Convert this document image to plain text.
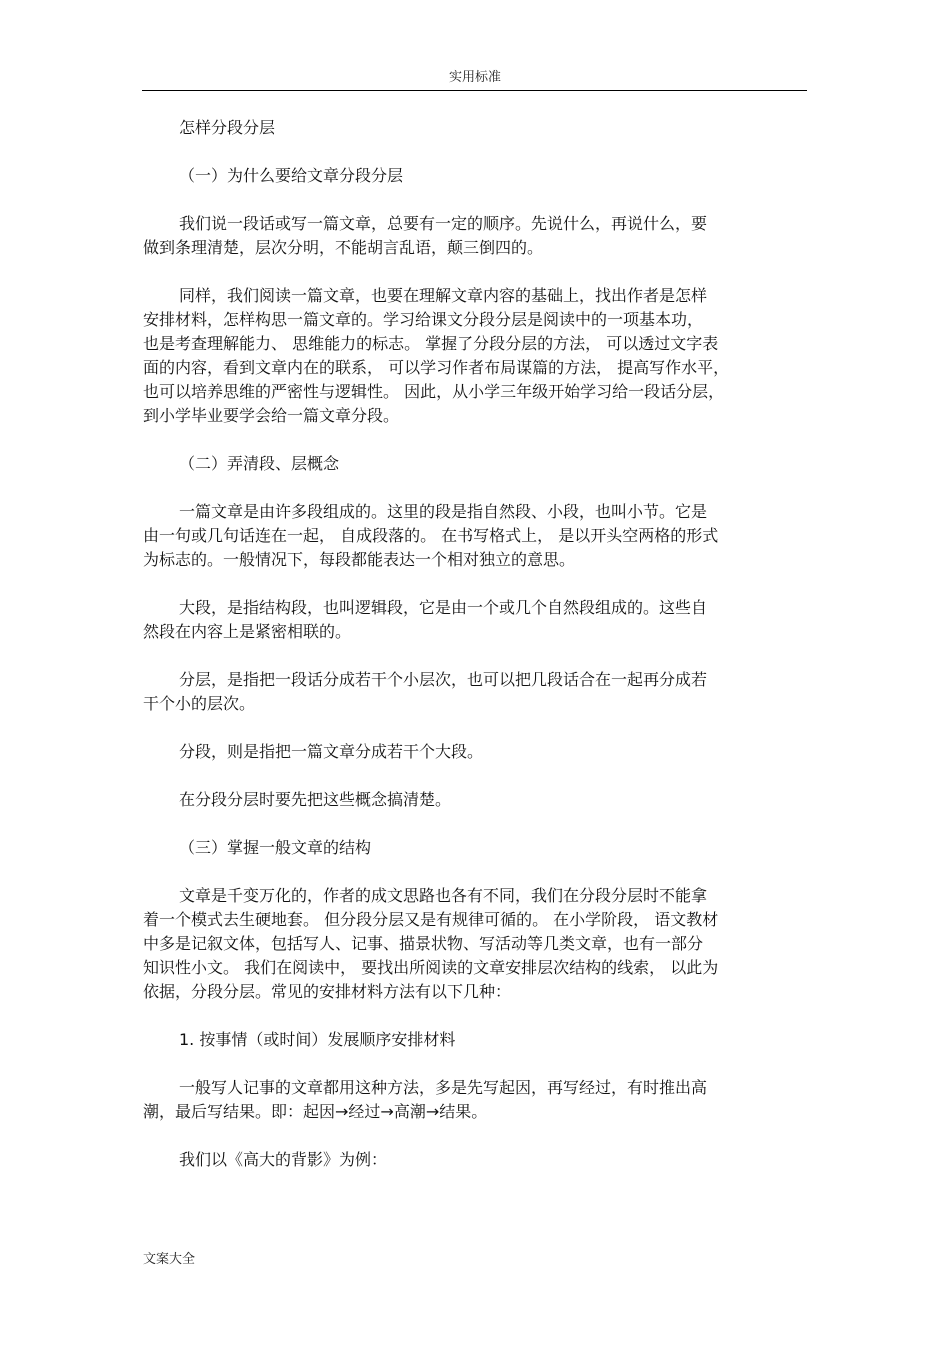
实用标准

怎样分段分层

（一）为什么要给文章分段分层

我们说一段话或写一篇文章，总要有一定的顺序。先说什么，再说什么，要
做到条理清楚，层次分明，不能胡言乱语，颠三倒四的。

同样，我们阅读一篇文章，也要在理解文章内容的基础上，找出作者是怎样
安排材料，怎样构思一篇文章的。学习给课文分段分层是阅读中的一项基本功，
也是考查理解能力、 思维能力的标志。 掌握了分段分层的方法， 可以透过文字表
面的内容，看到文章内在的联系， 可以学习作者布局谋篇的方法， 提高写作水平，
也可以培养思维的严密性与逻辑性。 因此，从小学三年级开始学习给一段话分层，
到小学毕业要学会给一篇文章分段。

（二）弄清段、层概念

一篇文章是由许多段组成的。这里的段是指自然段、小段，也叫小节。它是
由一句或几句话连在一起， 自成段落的。 在书写格式上， 是以开头空两格的形式
为标志的。一般情况下，每段都能表达一个相对独立的意思。

大段，是指结构段，也叫逻辑段，它是由一个或几个自然段组成的。这些自
然段在内容上是紧密相联的。

分层，是指把一段话分成若干个小层次，也可以把几段话合在一起再分成若
干个小的层次。

分段，则是指把一篇文章分成若干个大段。

在分段分层时要先把这些概念搞清楚。

（三）掌握一般文章的结构

文章是千变万化的，作者的成文思路也各有不同，我们在分段分层时不能拿
着一个模式去生硬地套。 但分段分层又是有规律可循的。 在小学阶段， 语文教材
中多是记叙文体，包括写人、记事、描景状物、写活动等几类文章，也有一部分
知识性小文。 我们在阅读中， 要找出所阅读的文章安排层次结构的线索， 以此为
依据，分段分层。常见的安排材料方法有以下几种：

1. 按事情（或时间）发展顺序安排材料

一般写人记事的文章都用这种方法，多是先写起因，再写经过，有时推出高
潮，最后写结果。即：起因→经过→高潮→结果。

我们以《高大的背影》为例：

文案大全
